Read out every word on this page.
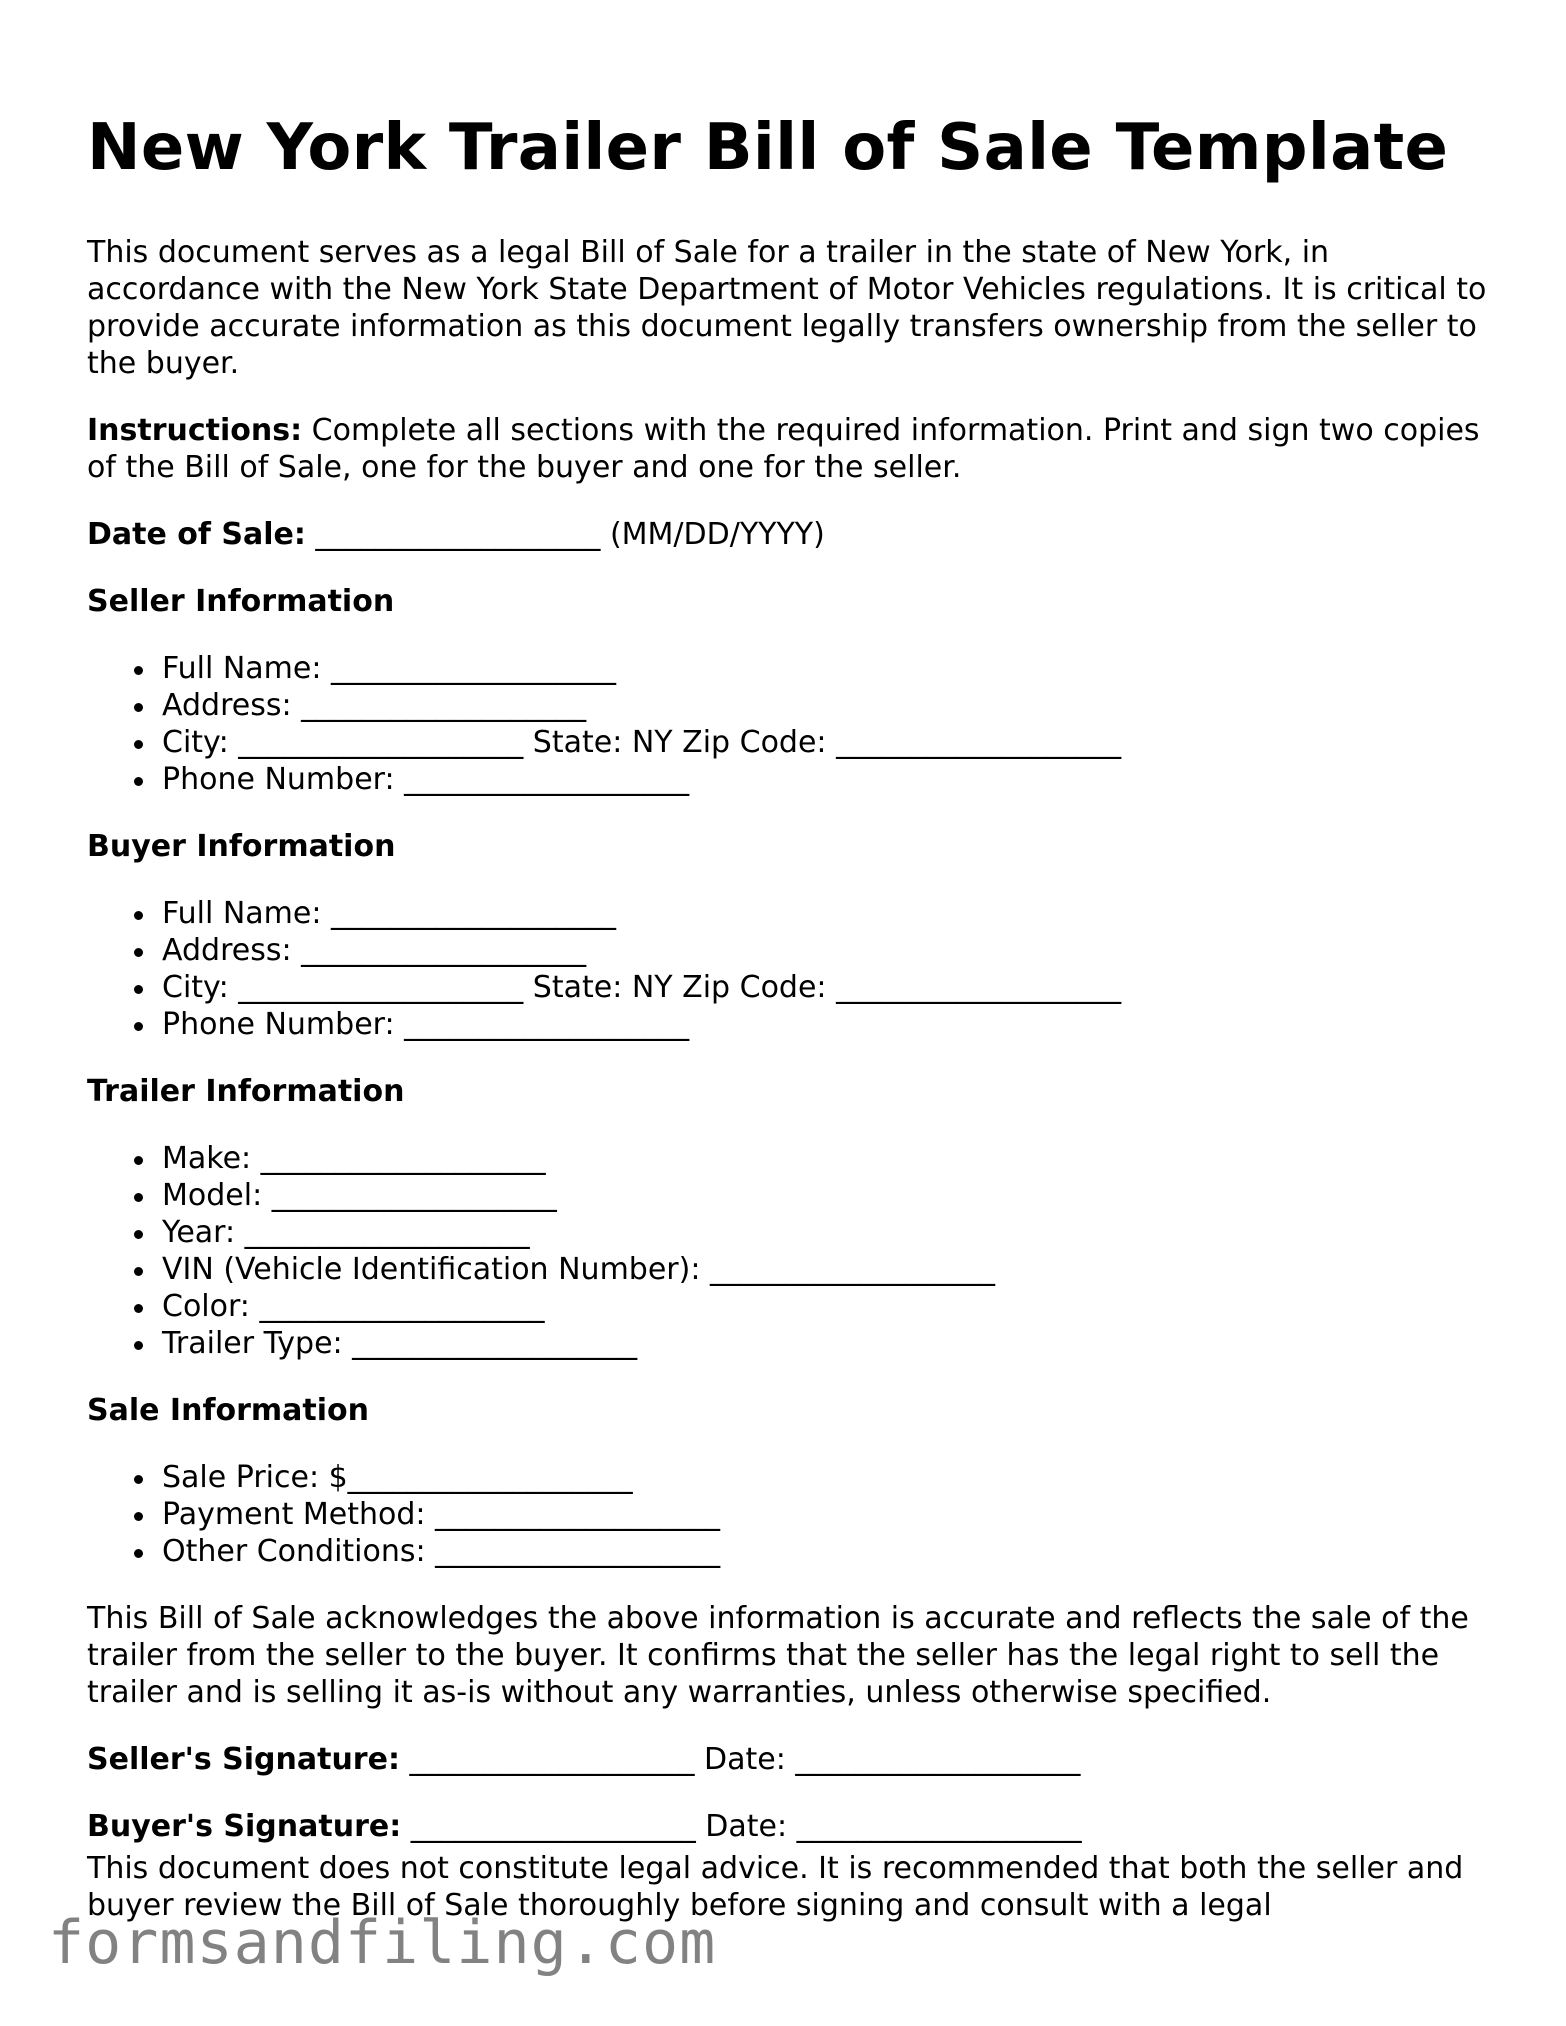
New York Trailer Bill of Sale Template

This document serves as a legal Bill of Sale for a trailer in the state of New York, in accordance with the New York State Department of Motor Vehicles regulations. It is critical to provide accurate information as this document legally transfers ownership from the seller to the buyer.

Instructions: Complete all sections with the required information. Print and sign two copies of the Bill of Sale, one for the buyer and one for the seller.

Date of Sale: ___________________ (MM/DD/YYYY)

Seller Information
Full Name: ___________________
Address: ___________________
City: ___________________ State: NY Zip Code: ___________________
Phone Number: ___________________
Buyer Information
Full Name: ___________________
Address: ___________________
City: ___________________ State: NY Zip Code: ___________________
Phone Number: ___________________
Trailer Information
Make: ___________________
Model: ___________________
Year: ___________________
VIN (Vehicle Identification Number): ___________________
Color: ___________________
Trailer Type: ___________________
Sale Information
Sale Price: $___________________
Payment Method: ___________________
Other Conditions: ___________________

This Bill of Sale acknowledges the above information is accurate and reflects the sale of the trailer from the seller to the buyer. It confirms that the seller has the legal right to sell the trailer and is selling it as-is without any warranties, unless otherwise specified.

Seller's Signature: ___________________ Date: ___________________

Buyer's Signature: ___________________ Date: ___________________

This document does not constitute legal advice. It is recommended that both the seller and buyer review the Bill of Sale thoroughly before signing and consult with a legal

formsandfiling.com
